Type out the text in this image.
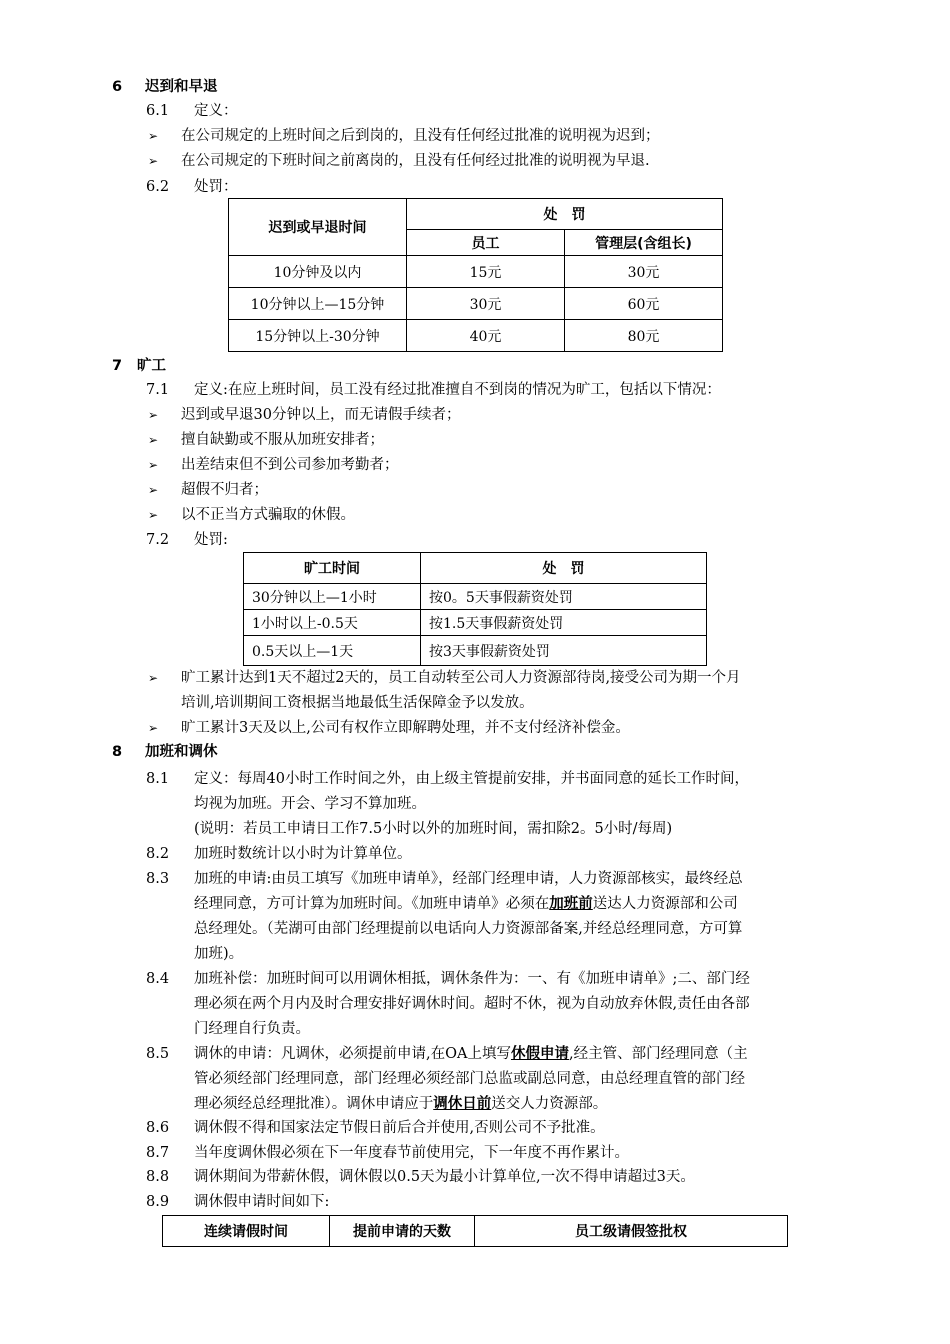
6 迟到和早退
6.1 定义：
➢ 在公司规定的上班时间之后到岗的，且没有任何经过批准的说明视为迟到；
➢ 在公司规定的下班时间之前离岗的，且没有任何经过批准的说明视为早退.
6.2 处罚：
迟到或早退时间	处　罚	
	员工	管理层(含组长)
10分钟及以内	15元	30元
10分钟以上—15分钟	30元	60元
15分钟以上-30分钟	40元	80元
7 旷工
7.1 定义:在应上班时间，员工没有经过批准擅自不到岗的情况为旷工，包括以下情况：
➢ 迟到或早退30分钟以上，而无请假手续者；
➢ 擅自缺勤或不服从加班安排者；
➢ 出差结束但不到公司参加考勤者；
➢ 超假不归者；
➢ 以不正当方式骗取的休假。
7.2 处罚:
旷工时间	处　罚
30分钟以上—1小时	按0。5天事假薪资处罚
1小时以上-0.5天	按1.5天事假薪资处罚
0.5天以上—1天	按3天事假薪资处罚
➢ 旷工累计达到1天不超过2天的，员工自动转至公司人力资源部待岗,接受公司为期一个月
培训,培训期间工资根据当地最低生活保障金予以发放。
➢ 旷工累计3天及以上,公司有权作立即解聘处理，并不支付经济补偿金。
8 加班和调休
8.1 定义：每周40小时工作时间之外，由上级主管提前安排，并书面同意的延长工作时间，
均视为加班。开会、学习不算加班。
(说明：若员工申请日工作7.5小时以外的加班时间，需扣除2。5小时/每周)
8.2 加班时数统计以小时为计算单位。
8.3 加班的申请:由员工填写《加班申请单》，经部门经理申请，人力资源部核实，最终经总
经理同意，方可计算为加班时间。《加班申请单》必须在加班前送达人力资源部和公司
总经理处。（芜湖可由部门经理提前以电话向人力资源部备案,并经总经理同意，方可算
加班)。
8.4 加班补偿：加班时间可以用调休相抵，调休条件为：一、有《加班申请单》;二、部门经
理必须在两个月内及时合理安排好调休时间。超时不休，视为自动放弃休假,责任由各部
门经理自行负责。
8.5 调休的申请：凡调休，必须提前申请,在OA上填写休假申请,经主管、部门经理同意（主
管必须经部门经理同意，部门经理必须经部门总监或副总同意，由总经理直管的部门经
理必须经总经理批准）。调休申请应于调休日前送交人力资源部。
8.6 调休假不得和国家法定节假日前后合并使用,否则公司不予批准。
8.7 当年度调休假必须在下一年度春节前使用完，下一年度不再作累计。
8.8 调休期间为带薪休假，调休假以0.5天为最小计算单位,一次不得申请超过3天。
8.9 调休假申请时间如下:
连续请假时间	提前申请的天数	员工级请假签批权
